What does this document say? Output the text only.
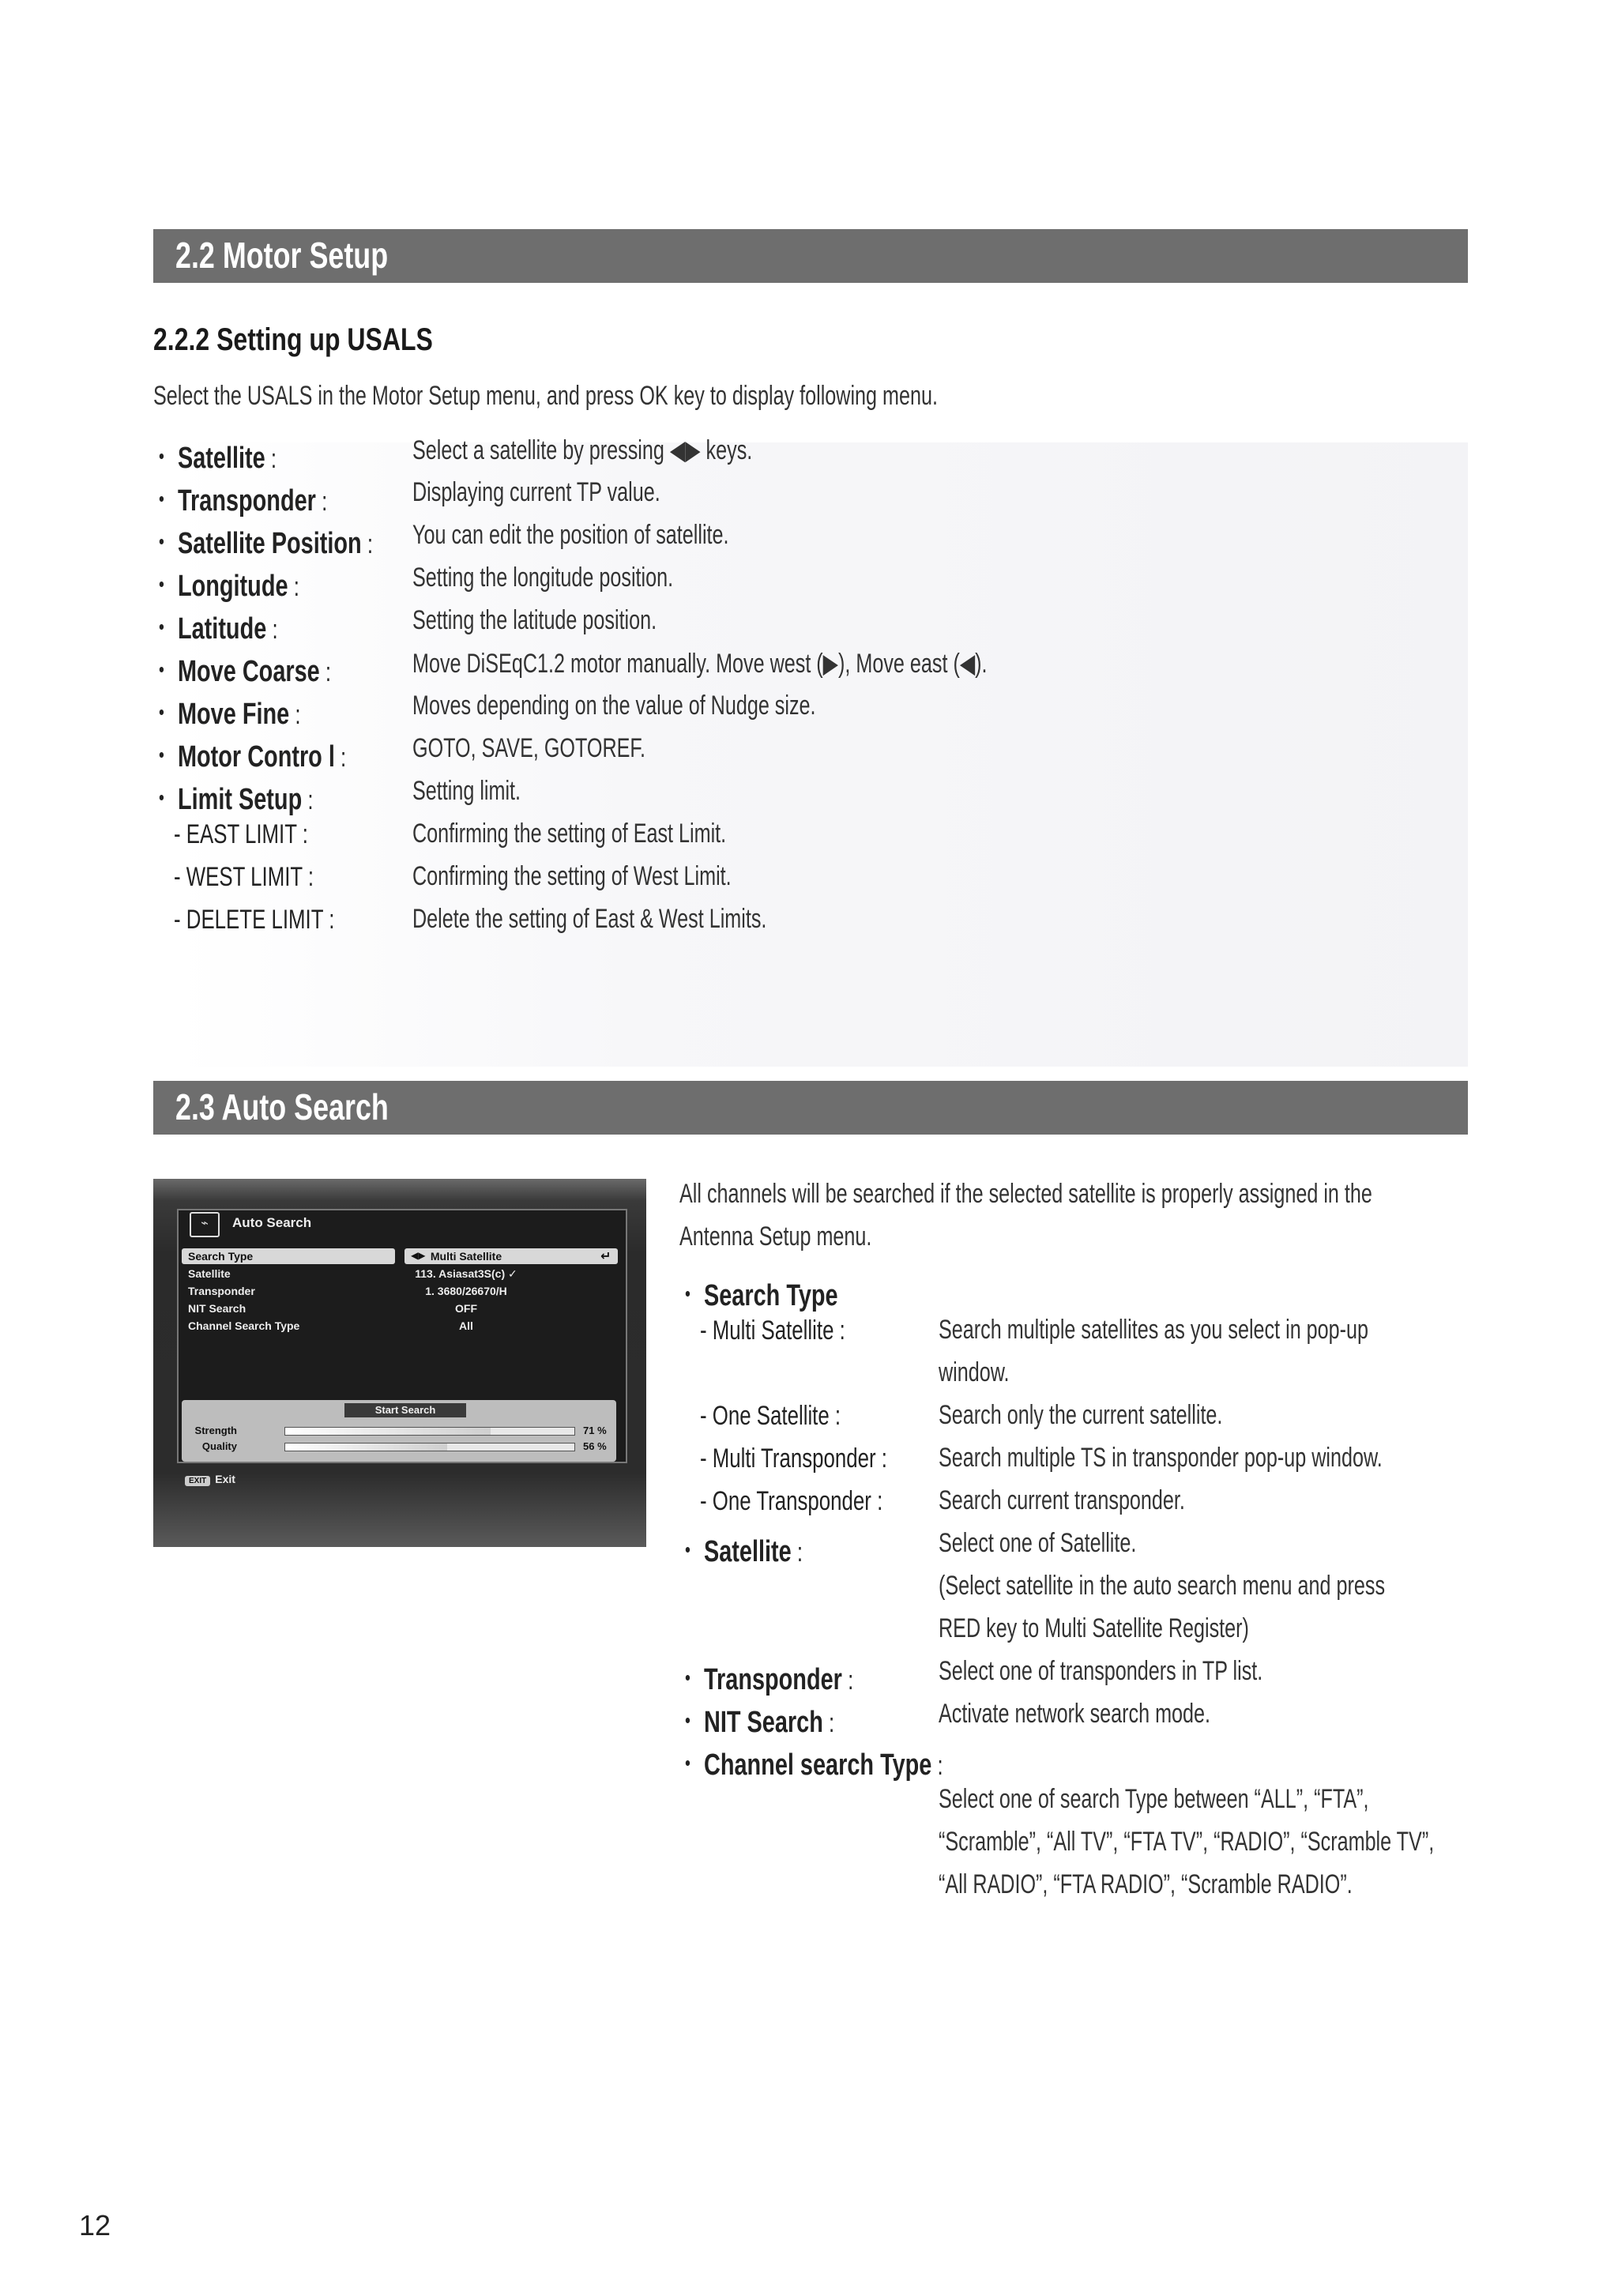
2.2 Motor Setup
2.2.2 Setting up USALS
Select the USALS in the Motor Setup menu, and press OK key to display following menu.
・ Satellite :	Select a satellite by pressing ◀▶ keys.
・ Transponder :	Displaying current TP value.
・ Satellite Position : You can edit the position of satellite.
・ Longitude :	Setting the longitude position.
・ Latitude :	Setting the latitude position.
・ Move Coarse :	Move DiSEqC1.2 motor manually. Move west (▶), Move east (◀).
・ Move Fine :	Moves depending on the value of Nudge size.
・ Motor Contro l : GOTO, SAVE, GOTOREF.
・ Limit Setup :	Setting limit.
- EAST LIMIT :	Confirming the setting of East Limit.
- WEST LIMIT :	Confirming the setting of West Limit.
- DELETE LIMIT :	Delete the setting of East & West Limits.
2.3 Auto Search
⌁	Auto Search
◀▶
Search Type	Multi Satellite	↵
Satellite	113. Asiasat3S(c) ✓
Transponder	1. 3680/26670/H
NIT Search	OFF
Channel Search Type	All
Start Search
Strength	71 %
Quality	56 %
EXIT Exit
All channels will be searched if the selected satellite is properly assigned in the
Antenna Setup menu.
・ Search Type
- Multi Satellite :	Search multiple satellites as you select in pop-up
window.
- One Satellite :	Search only the current satellite.
- Multi Transponder : Search multiple TS in transponder pop-up window.
- One Transponder : Search current transponder.
・ Satellite :	Select one of Satellite.
(Select satellite in the auto search menu and press
RED key to Multi Satellite Register)
・ Transponder :	Select one of transponders in TP list.
・ NIT Search :	Activate network search mode.
・ Channel search Type :
Select one of search Type between “ALL”, “FTA”,
“Scramble”, “All TV”, “FTA TV”, “RADIO”, “Scramble TV”,
“All RADIO”, “FTA RADIO”, “Scramble RADIO”.
12
